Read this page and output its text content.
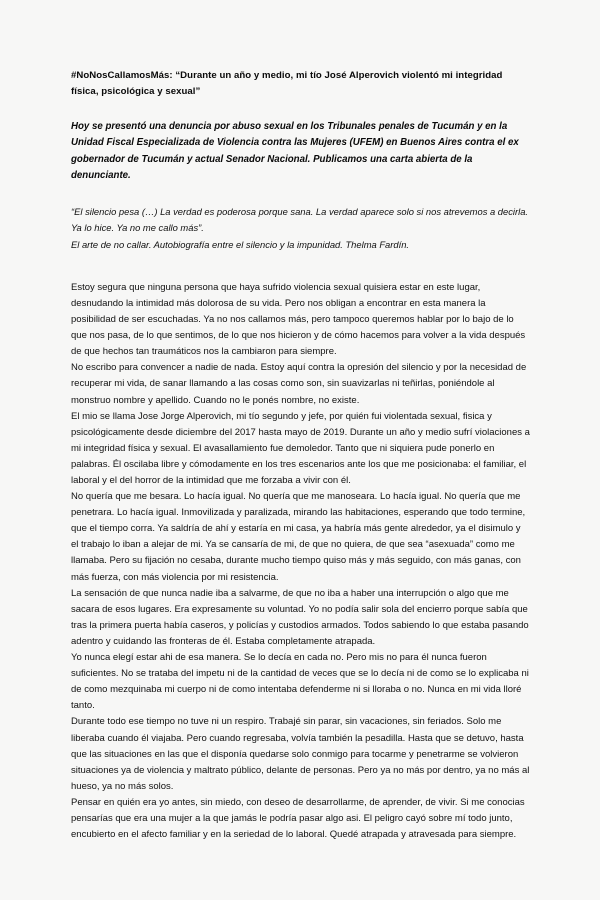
#NoNosCallamosMás: “Durante un año y medio, mi tío José Alperovich violentó mi integridad física, psicológica y sexual”

Hoy se presentó una denuncia por abuso sexual en los Tribunales penales de Tucumán y en la Unidad Fiscal Especializada de Violencia contra las Mujeres (UFEM) en Buenos Aires contra el ex gobernador de Tucumán y actual Senador Nacional. Publicamos una carta abierta de la denunciante.

“El silencio pesa (…) La verdad es poderosa porque sana. La verdad aparece solo si nos atrevemos a decirla. Ya lo hice. Ya no me callo más”.
El arte de no callar. Autobiografía entre el silencio y la impunidad. Thelma Fardín.

Estoy segura que ninguna persona que haya sufrido violencia sexual quisiera estar en este lugar, desnudando la intimidad más dolorosa de su vida. Pero nos obligan a encontrar en esta manera la posibilidad de ser escuchadas. Ya no nos callamos más, pero tampoco queremos hablar por lo bajo de lo que nos pasa, de lo que sentimos, de lo que nos hicieron y de cómo hacemos para volver a la vida después de que hechos tan traumáticos nos la cambiaron para siempre.

No escribo para convencer a nadie de nada. Estoy aquí contra la opresión del silencio y por la necesidad de recuperar mi vida, de sanar llamando a las cosas como son, sin suavizarlas ni teñirlas, poniéndole al monstruo nombre y apellido. Cuando no le ponés nombre, no existe.

El mio se llama Jose Jorge Alperovich, mi tío segundo y jefe, por quién fui violentada sexual, fisica y psicológicamente desde diciembre del 2017 hasta mayo de 2019. Durante un año y medio sufrí violaciones a mi integridad física y sexual. El avasallamiento fue demoledor. Tanto que ni siquiera pude ponerlo en palabras. Él oscilaba libre y cómodamente en los tres escenarios ante los que me posicionaba: el familiar, el laboral y el del horror de la intimidad que me forzaba a vivir con él.

No quería que me besara. Lo hacía igual. No quería que me manoseara. Lo hacía igual. No quería que me penetrara. Lo hacía igual. Inmovilizada y paralizada, mirando las habitaciones, esperando que todo termine, que el tiempo corra. Ya saldría de ahí y estaría en mi casa, ya habría más gente alrededor, ya el disimulo y el trabajo lo iban a alejar de mi. Ya se cansaría de mi, de que no quiera, de que sea “asexuada” como me llamaba. Pero su fijación no cesaba, durante mucho tiempo quiso más y más seguido, con más ganas, con más fuerza, con más violencia por mi resistencia.

La sensación de que nunca nadie iba a salvarme, de que no iba a haber una interrupción o algo que me sacara de esos lugares. Era expresamente su voluntad. Yo no podía salir sola del encierro porque sabía que tras la primera puerta había caseros, y policías y custodios armados. Todos sabiendo lo que estaba pasando adentro y cuidando las fronteras de él. Estaba completamente atrapada.

Yo nunca elegí estar ahi de esa manera. Se lo decía en cada no. Pero mis no para él nunca fueron suficientes. No se trataba del impetu ni de la cantidad de veces que se lo decía ni de como se lo explicaba ni de como mezquinaba mi cuerpo ni de como intentaba defenderme ni si lloraba o no. Nunca en mi vida lloré tanto.

Durante todo ese tiempo no tuve ni un respiro. Trabajé sin parar, sin vacaciones, sin feriados. Solo me liberaba cuando él viajaba. Pero cuando regresaba, volvía también la pesadilla. Hasta que se detuvo, hasta que las situaciones en las que el disponía quedarse solo conmigo para tocarme y penetrarme se volvieron situaciones ya de violencia y maltrato público, delante de personas. Pero ya no más por dentro, ya no más al hueso, ya no más solos.

Pensar en quién era yo antes, sin miedo, con deseo de desarrollarme, de aprender, de vivir. Si me conocias pensarías que era una mujer a la que jamás le podría pasar algo asi. El peligro cayó sobre mí todo junto, encubierto en el afecto familiar y en la seriedad de lo laboral. Quedé atrapada y atravesada para siempre.
